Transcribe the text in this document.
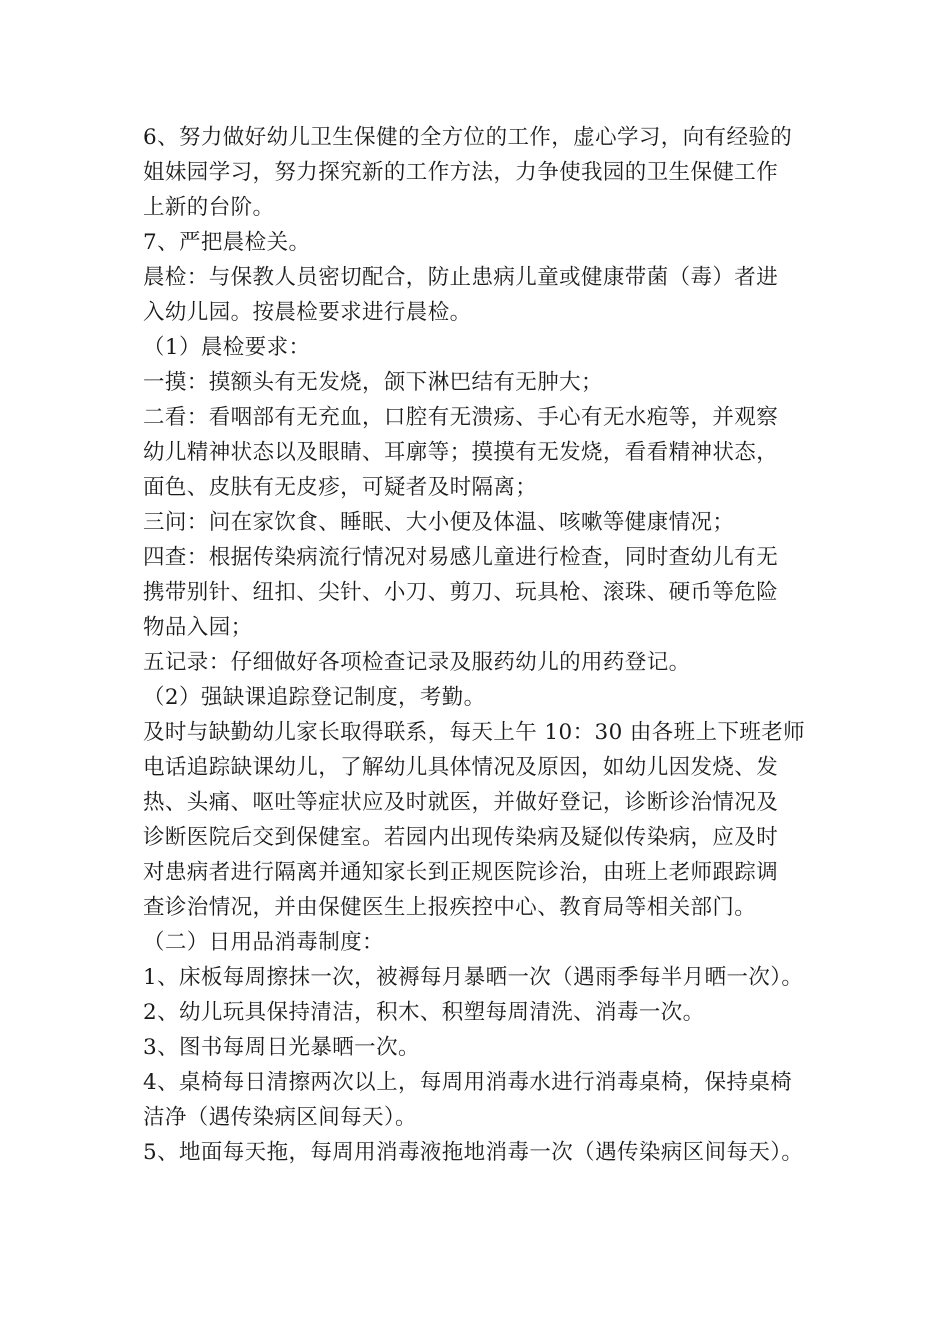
6、努力做好幼儿卫生保健的全方位的工作，虚心学习，向有经验的
姐妹园学习，努力探究新的工作方法，力争使我园的卫生保健工作
上新的台阶。
7、严把晨检关。
晨检：与保教人员密切配合，防止患病儿童或健康带菌（毒）者进
入幼儿园。按晨检要求进行晨检。
（1）晨检要求：
一摸：摸额头有无发烧，颌下淋巴结有无肿大；
二看：看咽部有无充血，口腔有无溃疡、手心有无水疱等，并观察
幼儿精神状态以及眼睛、耳廓等；摸摸有无发烧，看看精神状态，
面色、皮肤有无皮疹，可疑者及时隔离；
三问：问在家饮食、睡眠、大小便及体温、咳嗽等健康情况；
四查：根据传染病流行情况对易感儿童进行检查，同时查幼儿有无
携带别针、纽扣、尖针、小刀、剪刀、玩具枪、滚珠、硬币等危险
物品入园；
五记录：仔细做好各项检查记录及服药幼儿的用药登记。
（2）强缺课追踪登记制度，考勤。
及时与缺勤幼儿家长取得联系，每天上午 10：30 由各班上下班老师
电话追踪缺课幼儿，了解幼儿具体情况及原因，如幼儿因发烧、发
热、头痛、呕吐等症状应及时就医，并做好登记，诊断诊治情况及
诊断医院后交到保健室。若园内出现传染病及疑似传染病，应及时
对患病者进行隔离并通知家长到正规医院诊治，由班上老师跟踪调
查诊治情况，并由保健医生上报疾控中心、教育局等相关部门。
（二）日用品消毒制度：
1、床板每周擦抹一次，被褥每月暴晒一次（遇雨季每半月晒一次）。
2、幼儿玩具保持清洁，积木、积塑每周清洗、消毒一次。
3、图书每周日光暴晒一次。
4、桌椅每日清擦两次以上，每周用消毒水进行消毒桌椅，保持桌椅
洁净（遇传染病区间每天）。
5、地面每天拖，每周用消毒液拖地消毒一次（遇传染病区间每天）。
